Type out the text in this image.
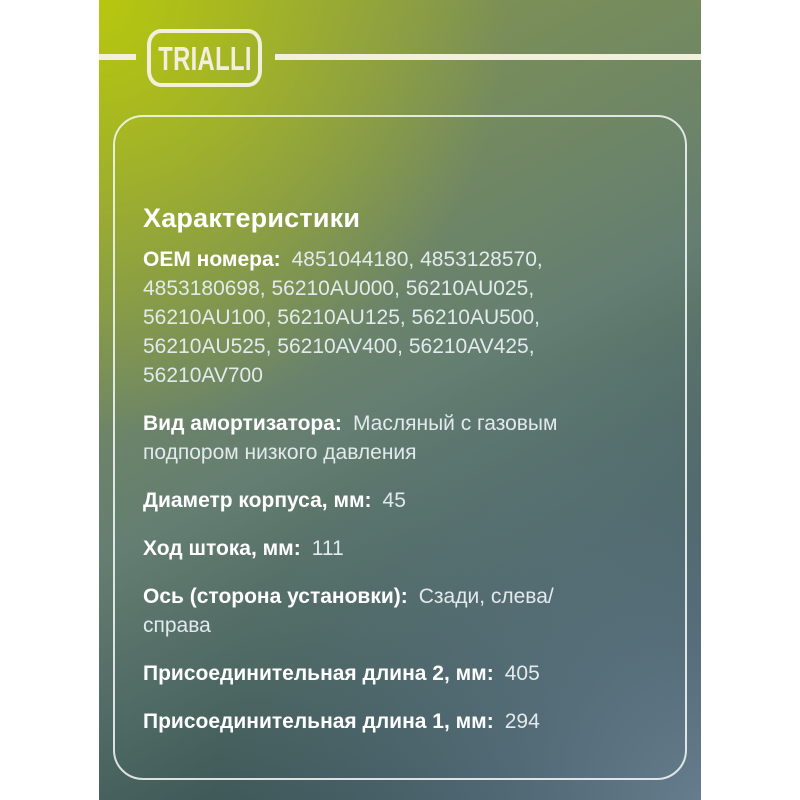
TRIALLI
Характеристики

OEM номера: 4851044180, 4853128570, 4853180698, 56210AU000, 56210AU025, 56210AU100, 56210AU125, 56210AU500, 56210AU525, 56210AV400, 56210AV425, 56210AV700

Вид амортизатора: Масляный с газовым подпором низкого давления

Диаметр корпуса, мм: 45

Ход штока, мм: 111

Ось (сторона установки): Сзади, слева/справа

Присоединительная длина 2, мм: 405

Присоединительная длина 1, мм: 294
